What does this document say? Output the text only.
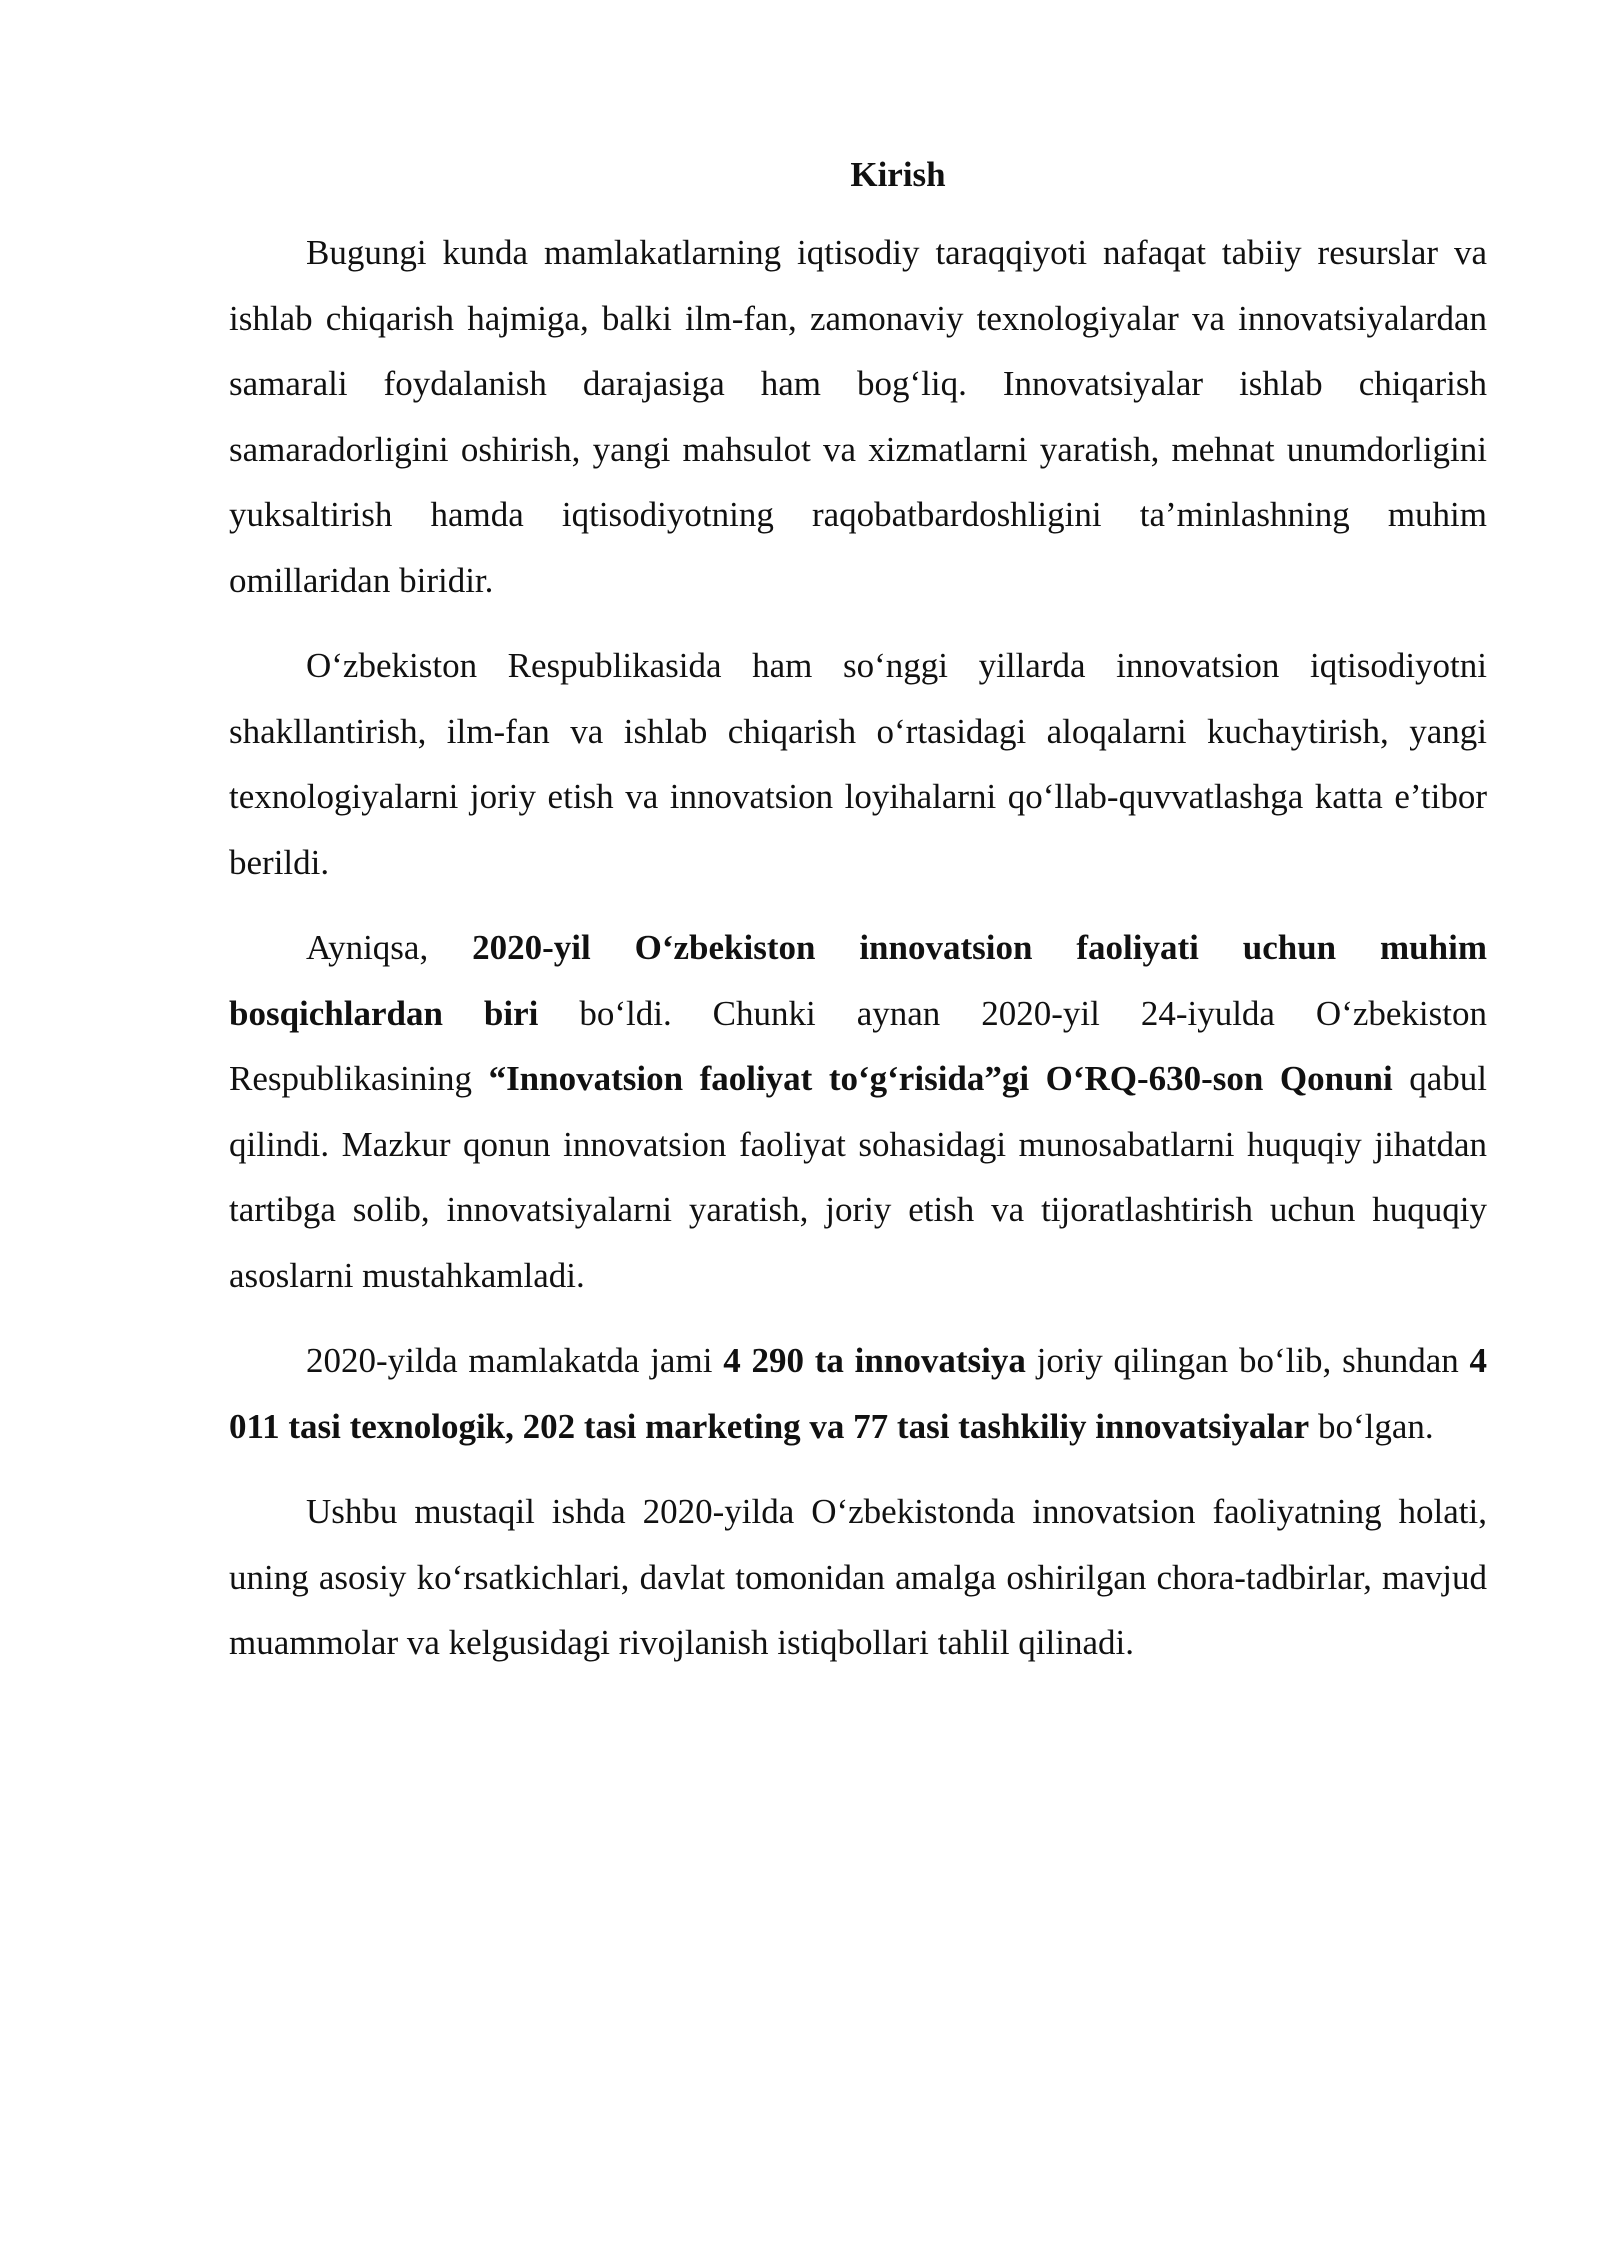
Kirish

Bugungi kunda mamlakatlarning iqtisodiy taraqqiyoti nafaqat tabiiy resurslar va ishlab chiqarish hajmiga, balki ilm-fan, zamonaviy texnologiyalar va innovatsiyalardan samarali foydalanish darajasiga ham bog‘liq. Innovatsiyalar ishlab chiqarish samaradorligini oshirish, yangi mahsulot va xizmatlarni yaratish, mehnat unumdorligini yuksaltirish hamda iqtisodiyotning raqobatbardoshligini ta’minlashning muhim omillaridan biridir.

O‘zbekiston Respublikasida ham so‘nggi yillarda innovatsion iqtisodiyotni shakllantirish, ilm-fan va ishlab chiqarish o‘rtasidagi aloqalarni kuchaytirish, yangi texnologiyalarni joriy etish va innovatsion loyihalarni qo‘llab-quvvatlashga katta e’tibor berildi.

Ayniqsa, 2020-yil O‘zbekiston innovatsion faoliyati uchun muhim bosqichlardan biri bo‘ldi. Chunki aynan 2020-yil 24-iyulda O‘zbekiston Respublikasining “Innovatsion faoliyat to‘g‘risida”gi O‘RQ-630-son Qonuni qabul qilindi. Mazkur qonun innovatsion faoliyat sohasidagi munosabatlarni huquqiy jihatdan tartibga solib, innovatsiyalarni yaratish, joriy etish va tijoratlashtirish uchun huquqiy asoslarni mustahkamladi.

2020-yilda mamlakatda jami 4 290 ta innovatsiya joriy qilingan bo‘lib, shundan 4 011 tasi texnologik, 202 tasi marketing va 77 tasi tashkiliy innovatsiyalar bo‘lgan.

Ushbu mustaqil ishda 2020-yilda O‘zbekistonda innovatsion faoliyatning holati, uning asosiy ko‘rsatkichlari, davlat tomonidan amalga oshirilgan chora-tadbirlar, mavjud muammolar va kelgusidagi rivojlanish istiqbollari tahlil qilinadi.
